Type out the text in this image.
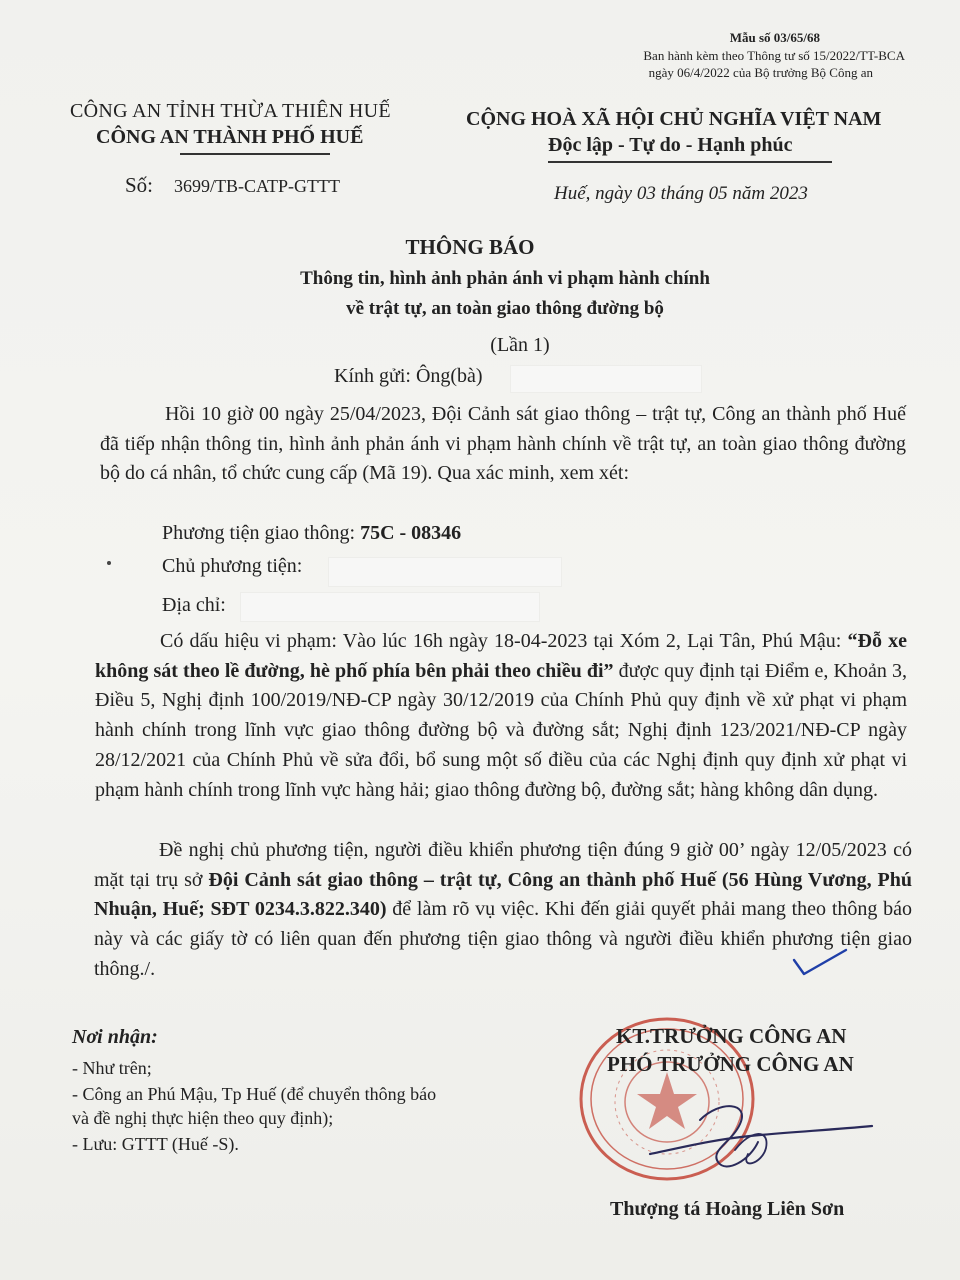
Mẫu số 03/65/68
Ban hành kèm theo Thông tư số 15/2022/TT-BCA
ngày 06/4/2022 của Bộ trưởng Bộ Công an
CÔNG AN TỈNH THỪA THIÊN HUẾ
CÔNG AN THÀNH PHỐ HUẾ
Số: 3699/TB-CATP-GTTT
CỘNG HOÀ XÃ HỘI CHỦ NGHĨA VIỆT NAM
Độc lập - Tự do - Hạnh phúc
Huế, ngày 03 tháng 05 năm 2023
THÔNG BÁO
Thông tin, hình ảnh phản ánh vi phạm hành chính
về trật tự, an toàn giao thông đường bộ
(Lần 1)
Kính gửi: Ông(bà)
Hồi 10 giờ 00 ngày 25/04/2023, Đội Cảnh sát giao thông – trật tự, Công an thành phố Huế đã tiếp nhận thông tin, hình ảnh phản ánh vi phạm hành chính về trật tự, an toàn giao thông đường bộ do cá nhân, tổ chức cung cấp (Mã 19). Qua xác minh, xem xét:
Phương tiện giao thông: 75C - 08346
Chủ phương tiện:
Địa chỉ:
Có dấu hiệu vi phạm: Vào lúc 16h ngày 18-04-2023 tại Xóm 2, Lại Tân, Phú Mậu: “Đỗ xe không sát theo lề đường, hè phố phía bên phải theo chiều đi” được quy định tại Điểm e, Khoản 3, Điều 5, Nghị định 100/2019/NĐ-CP ngày 30/12/2019 của Chính Phủ quy định về xử phạt vi phạm hành chính trong lĩnh vực giao thông đường bộ và đường sắt; Nghị định 123/2021/NĐ-CP ngày 28/12/2021 của Chính Phủ về sửa đổi, bổ sung một số điều của các Nghị định quy định xử phạt vi phạm hành chính trong lĩnh vực hàng hải; giao thông đường bộ, đường sắt; hàng không dân dụng.
Đề nghị chủ phương tiện, người điều khiển phương tiện đúng 9 giờ 00’ ngày 12/05/2023 có mặt tại trụ sở Đội Cảnh sát giao thông – trật tự, Công an thành phố Huế (56 Hùng Vương, Phú Nhuận, Huế; SĐT 0234.3.822.340) để làm rõ vụ việc. Khi đến giải quyết phải mang theo thông báo này và các giấy tờ có liên quan đến phương tiện giao thông và người điều khiển phương tiện giao thông./.
Nơi nhận:
- Như trên;
- Công an Phú Mậu, Tp Huế (để chuyển thông báo
và đề nghị thực hiện theo quy định);
- Lưu: GTTT (Huế -S).
KT.TRƯỞNG CÔNG AN
PHÓ TRƯỞNG CÔNG AN
Thượng tá Hoàng Liên Sơn
